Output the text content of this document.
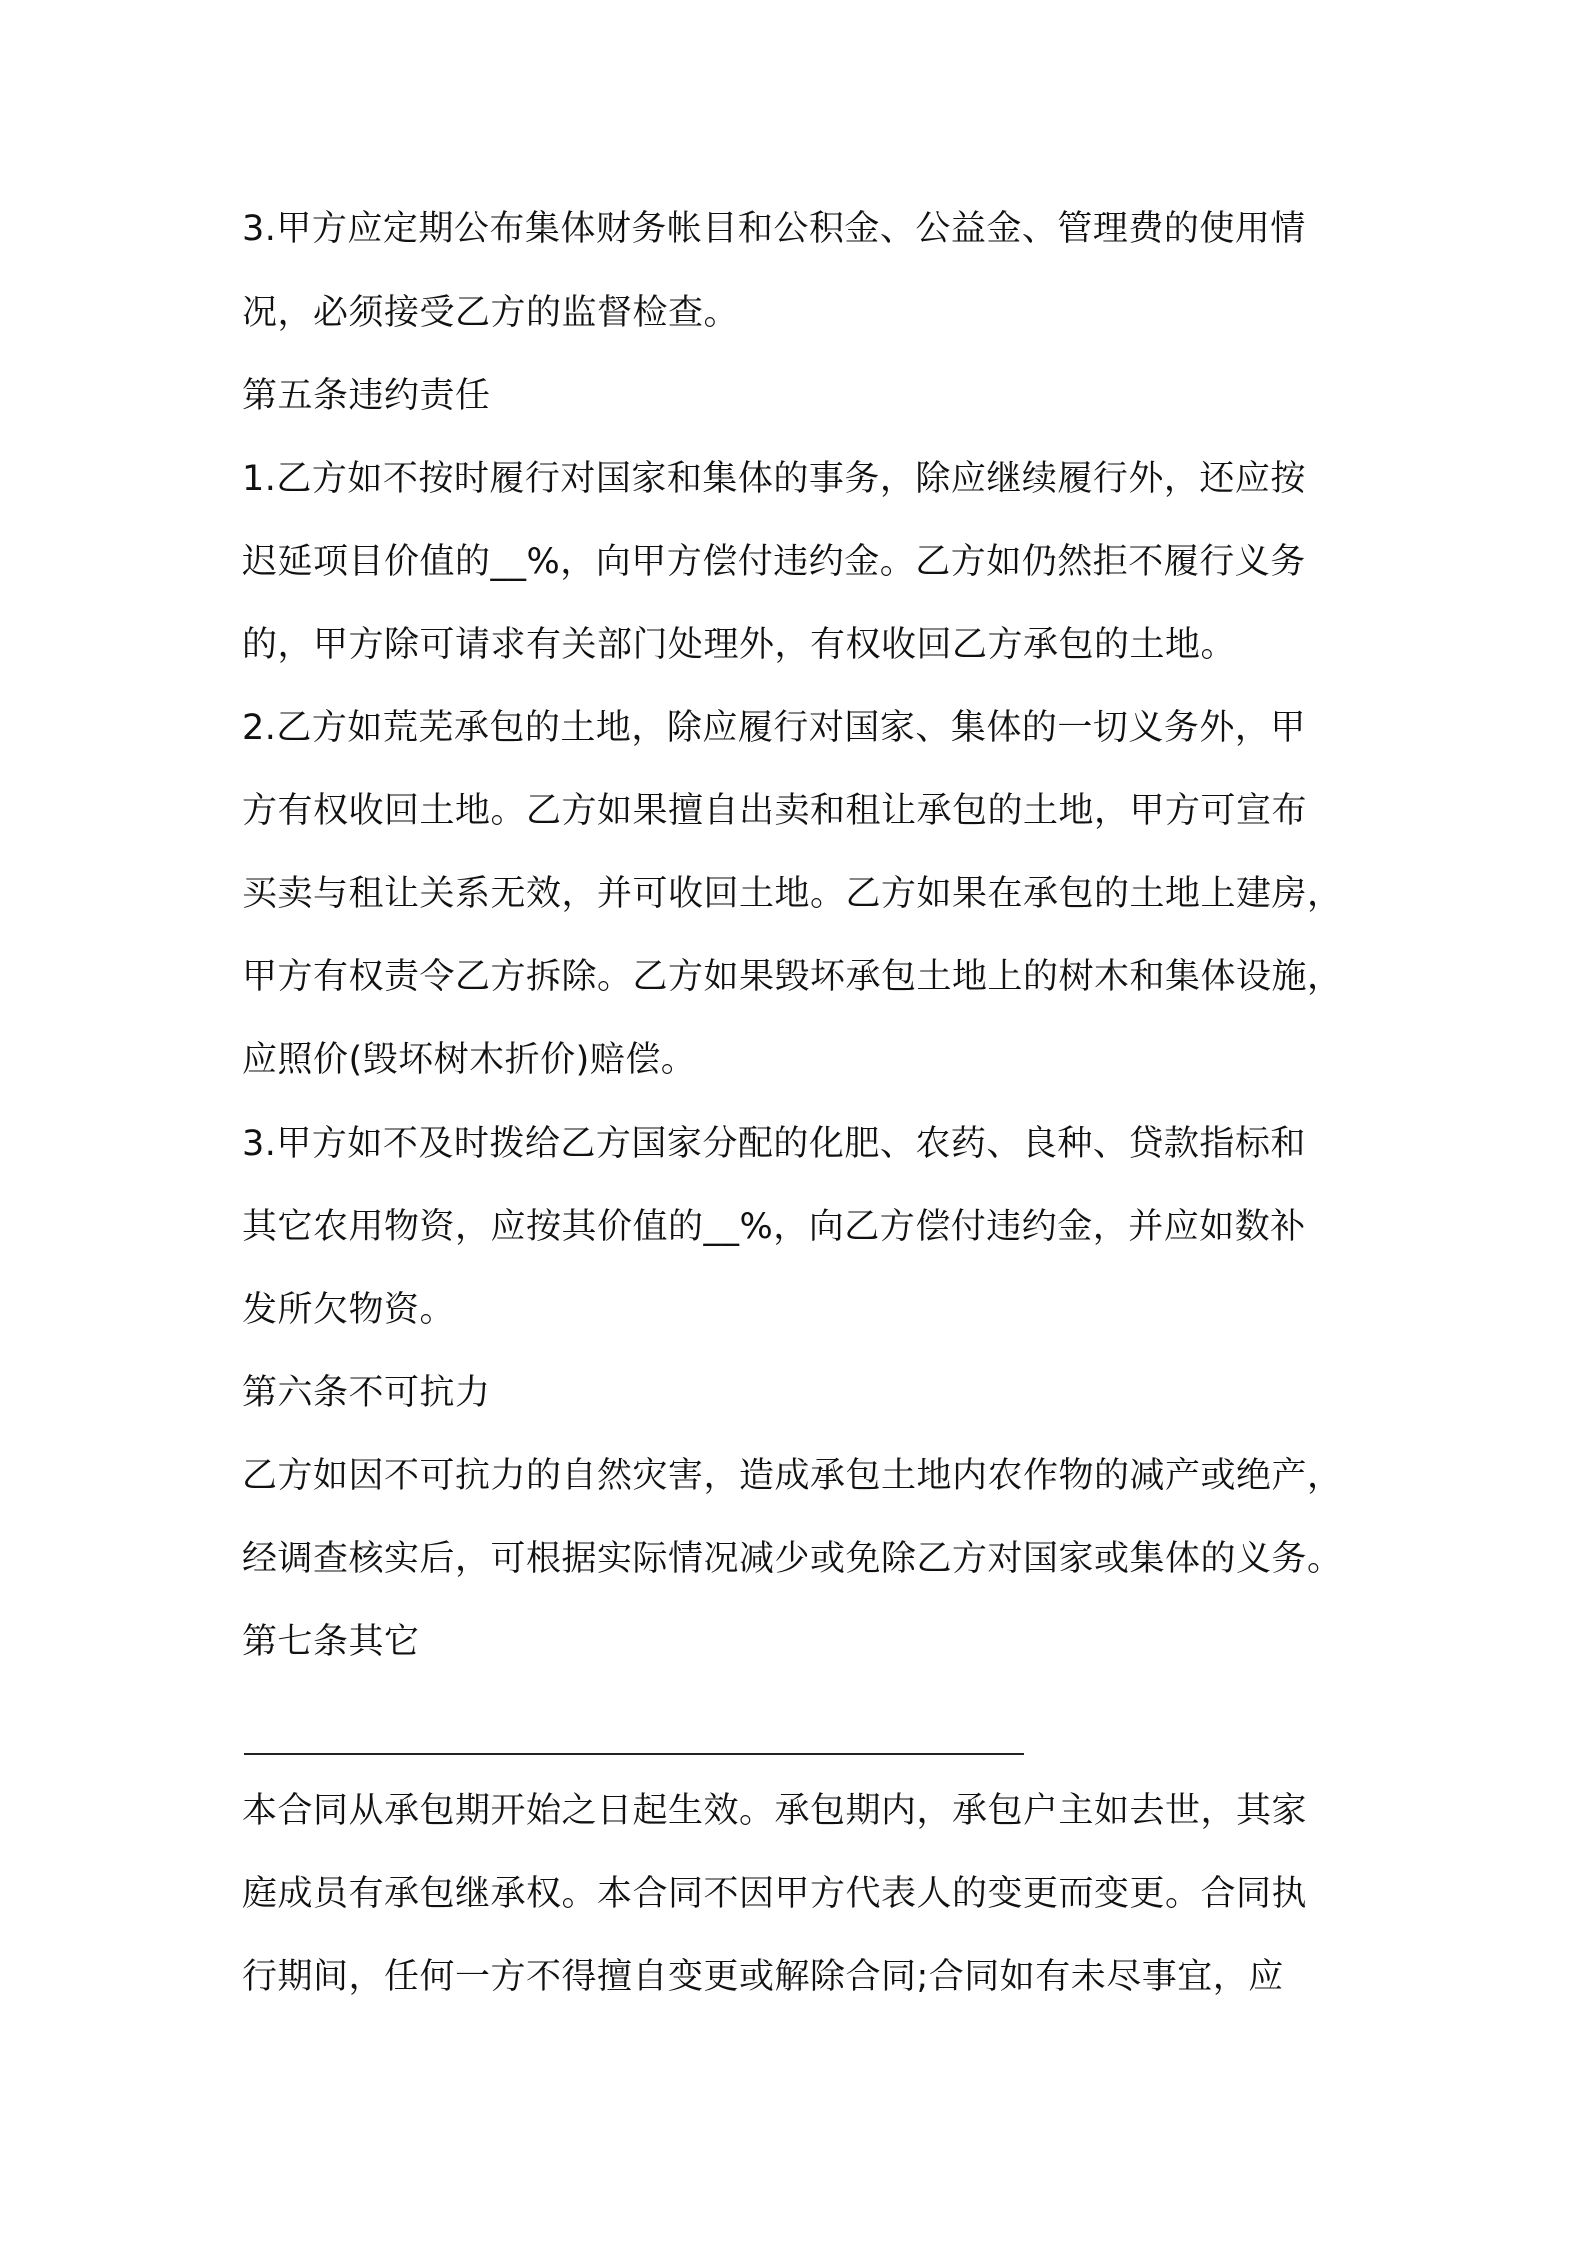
3.甲方应定期公布集体财务帐目和公积金、公益金、管理费的使用情
况，必须接受乙方的监督检查。
第五条违约责任
1.乙方如不按时履行对国家和集体的事务，除应继续履行外，还应按
迟延项目价值的__%，向甲方偿付违约金。乙方如仍然拒不履行义务
的，甲方除可请求有关部门处理外，有权收回乙方承包的土地。
2.乙方如荒芜承包的土地，除应履行对国家、集体的一切义务外，甲
方有权收回土地。乙方如果擅自出卖和租让承包的土地，甲方可宣布
买卖与租让关系无效，并可收回土地。乙方如果在承包的土地上建房，
甲方有权责令乙方拆除。乙方如果毁坏承包土地上的树木和集体设施，
应照价(毁坏树木折价)赔偿。
3.甲方如不及时拨给乙方国家分配的化肥、农药、良种、贷款指标和
其它农用物资，应按其价值的__%，向乙方偿付违约金，并应如数补
发所欠物资。
第六条不可抗力
乙方如因不可抗力的自然灾害，造成承包土地内农作物的减产或绝产，
经调查核实后，可根据实际情况减少或免除乙方对国家或集体的义务。
第七条其它
本合同从承包期开始之日起生效。承包期内，承包户主如去世，其家
庭成员有承包继承权。本合同不因甲方代表人的变更而变更。合同执
行期间，任何一方不得擅自变更或解除合同;合同如有未尽事宜，应
